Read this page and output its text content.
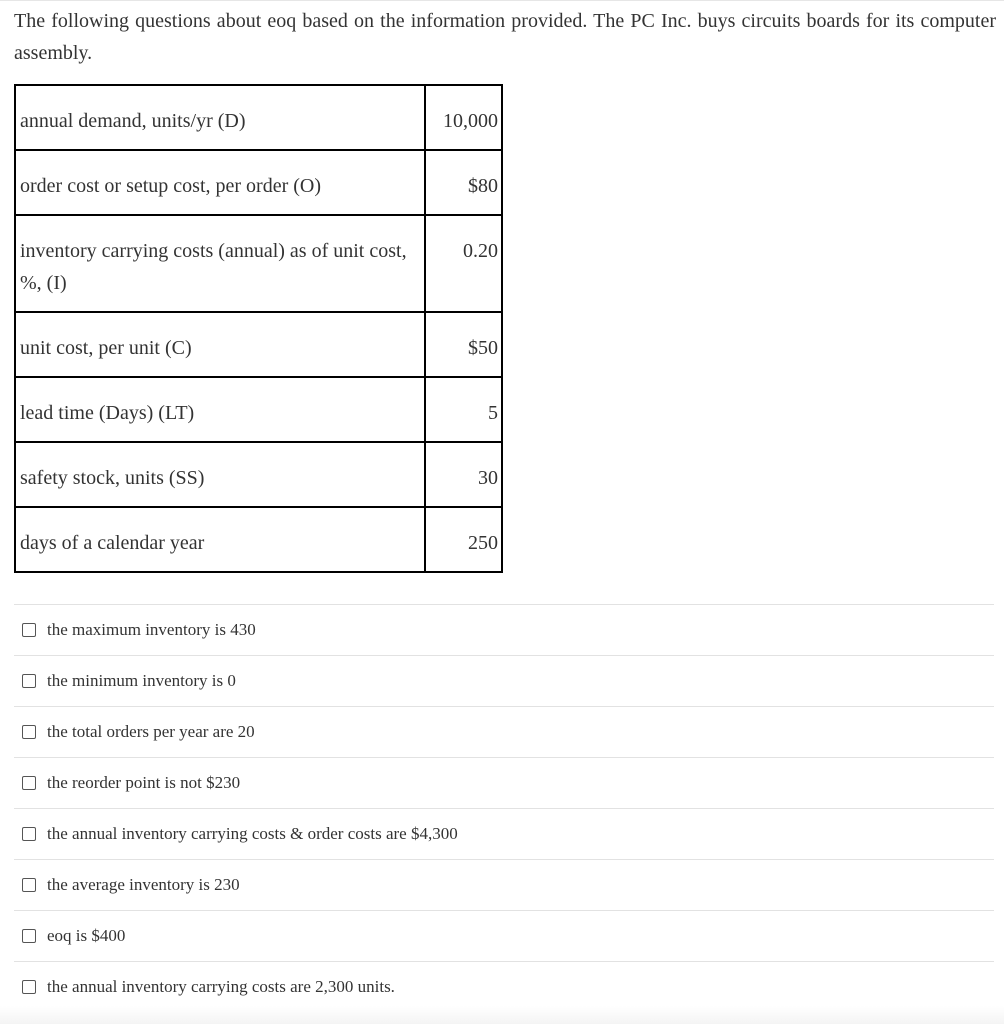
The following questions about eoq based on the information provided. The PC Inc. buys circuits boards for its computer assembly.
annual demand, units/yr (D)	10,000
order cost or setup cost, per order (O)	$80
inventory carrying costs (annual) as of unit cost, %, (I)	0.20
unit cost, per unit (C)	$50
lead time (Days) (LT)	5
safety stock, units (SS)	30
days of a calendar year	250
the maximum inventory is 430
the minimum inventory is 0
the total orders per year are 20
the reorder point is not $230
the annual inventory carrying costs & order costs are $4,300
the average inventory is 230
eoq is $400
the annual inventory carrying costs are 2,300 units.
